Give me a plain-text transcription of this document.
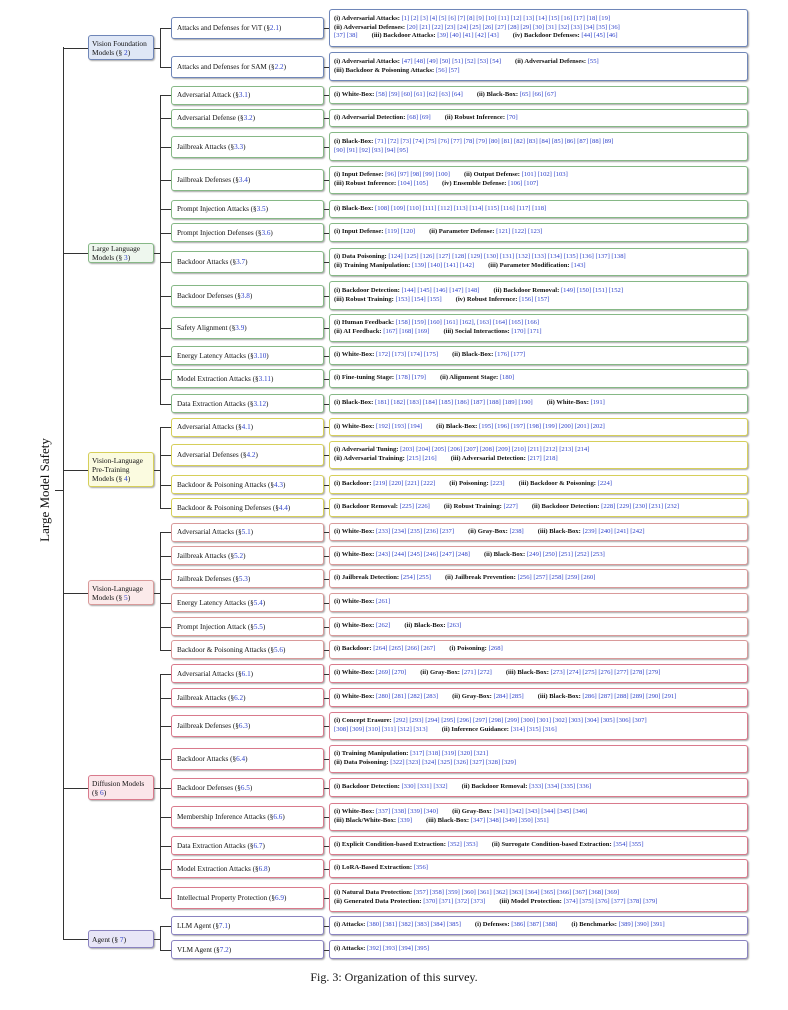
Large Model Safety
Fig. 3: Organization of this survey.
Vision Foundation Models (§ 2)
Attacks and Defenses for ViT (§ 2.1 )
(i) Adversarial Attacks: [1] [2] [3] [4] [5] [6] [7] [8] [9] [10] [11] [12] [13] [14] [15] [16] [17] [18] [19]
(ii) Adversarial Defenses: [20] [21] [22] [23] [24] [25] [26] [27] [28] [29] [30] [31] [32] [33] [34] [35] [36]
[37] [38] (iii) Backdoor Attacks: [39] [40] [41] [42] [43] (iv) Backdoor Defenses: [44] [45] [46]
Attacks and Defenses for SAM (§ 2.2 )
(i) Adversarial Attacks: [47] [48] [49] [50] [51] [52] [53] [54] (ii) Adversarial Defenses: [55]
(iii) Backdoor & Poisoning Attacks: [56] [57]
Large Language Models (§ 3)
Adversarial Attack (§ 3.1 )	(i) White-Box: [58] [59] [60] [61] [62] [63] [64] (ii) Black-Box: [65] [66] [67]
Adversarial Defense (§ 3.2 )	(i) Adversarial Detection: [68] [69] (ii) Robust Inference: [70]
Jailbreak Attacks (§ 3.3 )
(i) Black-Box: [71] [72] [73] [74] [75] [76] [77] [78] [79] [80] [81] [82] [83] [84] [85] [86] [87] [88] [89]
[90] [91] [92] [93] [94] [95]
Jailbreak Defenses (§ 3.4 )
(i) Input Defense: [96] [97] [98] [99] [100] (ii) Output Defense: [101] [102] [103]
(iii) Robust Inference: [104] [105] (iv) Ensemble Defense: [106] [107]
Prompt Injection Attacks (§ 3.5 )	(i) Black-Box: [108] [109] [110] [111] [112] [113] [114] [115] [116] [117] [118]
Prompt Injection Defenses (§ 3.6 )	(i) Input Defense: [119] [120] (ii) Parameter Defense: [121] [122] [123]
Backdoor Attacks (§ 3.7 )
(i) Data Poisoning: [124] [125] [126] [127] [128] [129] [130] [131] [132] [133] [134] [135] [136] [137] [138]
(ii) Training Manipulation: [139] [140] [141] [142] (iii) Parameter Modification: [143]
Backdoor Defenses (§ 3.8 )
(i) Backdoor Detection: [144] [145] [146] [147] [148] (ii) Backdoor Removal: [149] [150] [151] [152]
(iii) Robust Training: [153] [154] [155] (iv) Robust Inference: [156] [157]
Safety Alignment (§ 3.9 )
(i) Human Feedback: [158] [159] [160] [161] [162], [163] [164] [165] [166]
(ii) AI Feedback: [167] [168] [169] (iii) Social Interactions: [170] [171]
Energy Latency Attacks (§ 3.10 )	(i) White-Box: [172] [173] [174] [175] (ii) Black-Box: [176] [177]
Model Extraction Attacks (§ 3.11 )	(i) Fine-tuning Stage: [178] [179] (ii) Alignment Stage: [180]
Data Extraction Attacks (§ 3.12 )	(i) Black-Box: [181] [182] [183] [184] [185] [186] [187] [188] [189] [190] (ii) White-Box: [191]
Vision-Language Pre-Training Models (§ 4)
Adversarial Attacks (§ 4.1 )	(i) White-Box: [192] [193] [194] (ii) Black-Box: [195] [196] [197] [198] [199] [200] [201] [202]
Adversarial Defenses (§ 4.2 )
(i) Adversarial Tuning: [203] [204] [205] [206] [207] [208] [209] [210] [211] [212] [213] [214]
(ii) Adversarial Training: [215] [216] (iii) Adversarial Detection: [217] [218]
Backdoor & Poisoning Attacks (§ 4.3 )	(i) Backdoor: [219] [220] [221] [222] (ii) Poisoning: [223] (iii) Backdoor & Poisoning: [224]
Backdoor & Poisoning Defenses (§ 4.4 )	(i) Backdoor Removal: [225] [226] (ii) Robust Training: [227] (ii) Backdoor Detection: [228] [229] [230] [231] [232]
Vision-Language Models (§ 5)
Adversarial Attacks (§ 5.1 )	(i) White-Box: [233] [234] [235] [236] [237] (ii) Gray-Box: [238] (iii) Black-Box: [239] [240] [241] [242]
Jailbreak Attacks (§ 5.2 )	(i) White-Box: [243] [244] [245] [246] [247] [248] (ii) Black-Box: [249] [250] [251] [252] [253]
Jailbreak Defenses (§ 5.3 )	(i) Jailbreak Detection: [254] [255] (ii) Jailbreak Prevention: [256] [257] [258] [259] [260]
Energy Latency Attacks (§ 5.4 )	(i) White-Box: [261]
Prompt Injection Attack (§ 5.5 )	(i) White-Box: [262] (ii) Black-Box: [263]
Backdoor & Poisoning Attacks (§ 5.6 )	(i) Backdoor: [264] [265] [266] [267] (i) Poisoning: [268]
Diffusion Models (§ 6)
Adversarial Attacks (§ 6.1 )	(i) White-Box: [269] [270] (ii) Gray-Box: [271] [272] (iii) Black-Box: [273] [274] [275] [276] [277] [278] [279]
Jailbreak Attacks (§ 6.2 )	(i) White-Box: [280] [281] [282] [283] (ii) Gray-Box: [284] [285] (iii) Black-Box: [286] [287] [288] [289] [290] [291]
Jailbreak Defenses (§ 6.3 )
(i) Concept Erasure: [292] [293] [294] [295] [296] [297] [298] [299] [300] [301] [302] [303] [304] [305] [306] [307]
[308] [309] [310] [311] [312] [313] (ii) Inference Guidance: [314] [315] [316]
Backdoor Attacks (§ 6.4 )
(i) Training Manipulation: [317] [318] [319] [320] [321]
(ii) Data Poisoning: [322] [323] [324] [325] [326] [327] [328] [329]
Backdoor Defenses (§ 6.5 )	(i) Backdoor Detection: [330] [331] [332] (ii) Backdoor Removal: [333] [334] [335] [336]
Membership Inference Attacks (§ 6.6 )
(i) White-Box: [337] [338] [339] [340] (ii) Gray-Box: [341] [342] [343] [344] [345] [346]
(iii) Black/White-Box: [339] (iii) Black-Box: [347] [348] [349] [350] [351]
Data Extraction Attacks (§ 6.7 )	(i) Explicit Condition-based Extraction: [352] [353] (ii) Surrogate Condition-based Extraction: [354] [355]
Model Extraction Attacks (§ 6.8 )	(i) LoRA-Based Extraction: [356]
Intellectual Property Protection (§ 6.9 )
(i) Natural Data Protection: [357] [358] [359] [360] [361] [362] [363] [364] [365] [366] [367] [368] [369]
(ii) Generated Data Protection: [370] [371] [372] [373] (iii) Model Protection: [374] [375] [376] [377] [378] [379]
Agent (§ 7)
LLM Agent (§ 7.1 )	(i) Attacks: [380] [381] [382] [383] [384] [385] (i) Defenses: [386] [387] [388] (i) Benchmarks: [389] [390] [391]
VLM Agent (§ 7.2 )	(i) Attacks: [392] [393] [394] [395]
